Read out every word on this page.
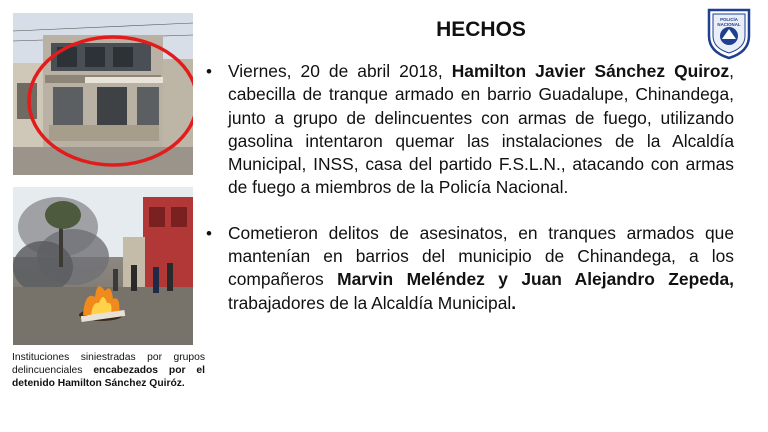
Instituciones siniestradas por grupos delincuenciales encabezados por el detenido Hamilton Sánchez Quiróz.
HECHOS	POLICÍA NACIONAL
• Viernes, 20 de abril 2018, Hamilton Javier Sánchez Quiroz, cabecilla de tranque armado en barrio Guadalupe, Chinandega, junto a grupo de delincuentes con armas de fuego, utilizando gasolina intentaron quemar las instalaciones de la Alcaldía Municipal, INSS, casa del partido F.S.L.N., atacando con armas de fuego a miembros de la Policía Nacional.
• Cometieron delitos de asesinatos, en tranques armados que mantenían en barrios del municipio de Chinandega, a los compañeros Marvin Meléndez y Juan Alejandro Zepeda, trabajadores de la Alcaldía Municipal.
